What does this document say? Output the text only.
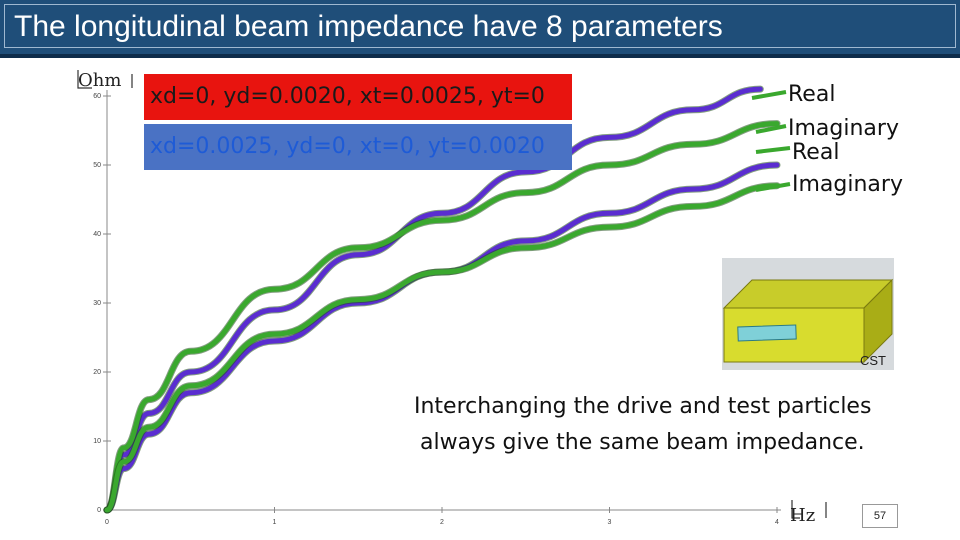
The longitudinal beam impedance have 8 parameters
0
10
20
30
40
50
60
0	1	2	3	4
Ohm
Hz
xd=0, yd=0.0020, xt=0.0025, yt=0
xd=0.0025, yd=0, xt=0, yt=0.0020
Real
Imaginary
Real
Imaginary
CST
Interchanging the drive and test particles
always give the same beam impedance.
57
